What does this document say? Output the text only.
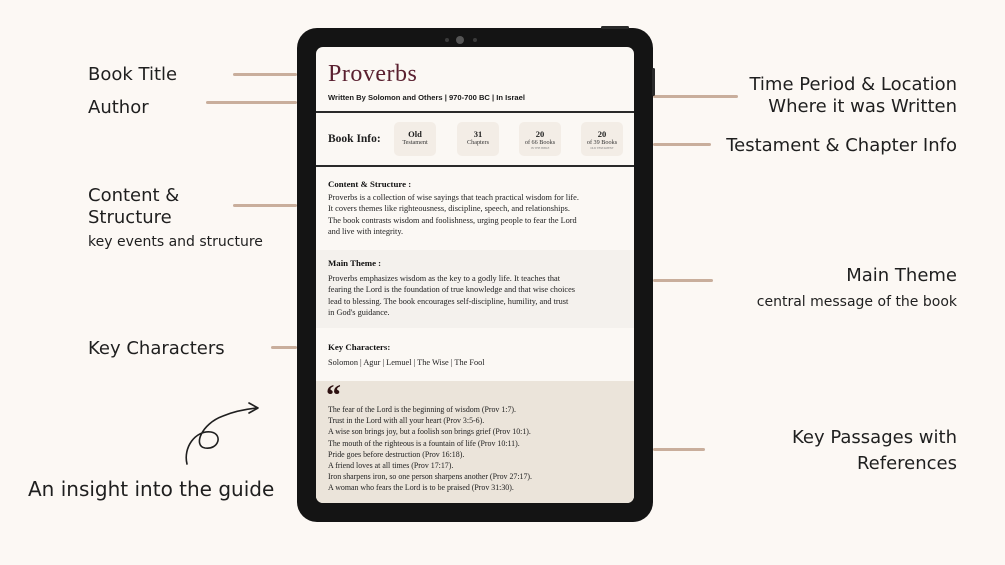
Book Title
Author
Content &
Structure
key events and structure
Key Characters
An insight into the guide
Time Period & Location
Where it was Written
Testament & Chapter Info
Main Theme
central message of the book
Key Passages with
References
Proverbs
Written By Solomon and Others | 970-700 BC | In Israel
Book Info:	Old
Testament
31
Chapters
20
of 66 Books
IN THE BIBLE
20
of 39 Books
OLD TESTAMENT
Content & Structure :
Proverbs is a collection of wise sayings that teach practical wisdom for life.
It covers themes like righteousness, discipline, speech, and relationships.
The book contrasts wisdom and foolishness, urging people to fear the Lord
and live with integrity.
Main Theme :
Proverbs emphasizes wisdom as the key to a godly life. It teaches that
fearing the Lord is the foundation of true knowledge and that wise choices
lead to blessing. The book encourages self-discipline, humility, and trust
in God's guidance.
Key Characters:
Solomon | Agur | Lemuel | The Wise | The Fool
“
The fear of the Lord is the beginning of wisdom (Prov 1:7).
Trust in the Lord with all your heart (Prov 3:5-6).
A wise son brings joy, but a foolish son brings grief (Prov 10:1).
The mouth of the righteous is a fountain of life (Prov 10:11).
Pride goes before destruction (Prov 16:18).
A friend loves at all times (Prov 17:17).
Iron sharpens iron, so one person sharpens another (Prov 27:17).
A woman who fears the Lord is to be praised (Prov 31:30).
